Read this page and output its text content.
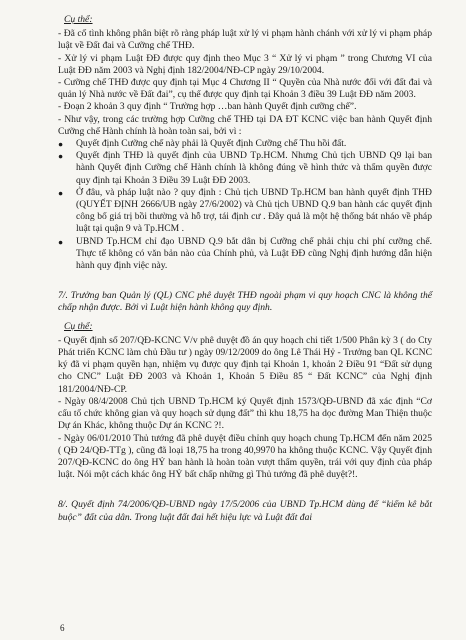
Cụ thể:

- Đã cố tình không phân biệt rõ ràng pháp luật xử lý vi phạm hành chánh với xử lý vi phạm pháp luật về Đất đai và Cưỡng chế THĐ.

- Xử lý vi phạm Luật ĐĐ được quy định theo Mục 3 “ Xử lý vi phạm ” trong Chương VI của Luật ĐĐ năm 2003 và Nghị định 182/2004/NĐ-CP ngày 29/10/2004.

- Cưỡng chế THĐ được quy định tại Mục 4 Chương II “ Quyền của Nhà nước đối với đất đai và quản lý Nhà nước về Đất đai”, cụ thể được quy định tại Khoản 3 điều 39 Luật ĐĐ năm 2003.

- Đoạn 2 khoản 3 quy định “ Trường hợp …ban hành Quyết định cưỡng chế”.

- Như vậy, trong các trường hợp Cưỡng chế THĐ tại DA ĐT KCNC việc ban hành Quyết định Cưỡng chế Hành chính là hoàn toàn sai, bởi vì :

●	Quyết định Cưỡng chế này phải là Quyết định Cưỡng chế Thu hồi đất.
●	Quyết định THĐ là quyết định của UBND Tp.HCM. Nhưng Chủ tịch UBND Q9 lại ban hành Quyết định Cưỡng chế Hành chính là không đúng về hình thức và thẩm quyền được quy định tại Khoản 3 Điều 39 Luật ĐĐ 2003.
●	Ở đâu, và pháp luật nào ? quy định : Chủ tịch UBND Tp.HCM ban hành quyết định THĐ (QUYẾT ĐỊNH 2666/UB ngày 27/6/2002) và Chủ tịch UBND Q.9 ban hành các quyết định công bố giá trị bồi thường và hỗ trợ, tái định cư . Đây quả là một hệ thống bát nháo về pháp luật tại quận 9 và Tp.HCM .
●	UBND Tp.HCM chỉ đạo UBND Q.9 bắt dân bị Cưỡng chế phải chịu chi phí cưỡng chế. Thực tế không có văn bản nào của Chính phủ, và Luật ĐĐ cũng Nghị định hướng dẫn hiện hành quy định việc này.

7/. Trưởng ban Quản lý (QL) CNC phê duyệt THĐ ngoài phạm vi quy hoạch CNC là không thể chấp nhận được. Bởi vì Luật hiện hành không quy định.

Cụ thể:

- Quyết định số 207/QĐ-KCNC V/v phê duyệt đồ án quy hoạch chi tiết 1/500 Phân kỳ 3 ( do Cty Phát triển KCNC làm chủ Đầu tư ) ngày 09/12/2009 do ông Lê Thái Hỷ - Trưởng ban QL KCNC ký đã vi phạm quyền hạn, nhiệm vụ được quy định tại Khoản 1, khoản 2 Điều 91 “Đất sử dụng cho CNC” Luật ĐĐ 2003 và Khoản 1, Khoản 5 Điều 85 “ Đất KCNC” của Nghị định 181/2004/NĐ-CP.

- Ngày 08/4/2008 Chủ tịch UBND Tp.HCM ký Quyết định 1573/QĐ-UBND đã xác định “Cơ cấu tổ chức không gian và quy hoạch sử dụng đất” thì khu 18,75 ha dọc đường Man Thiện thuộc Dự án Khác, không thuộc Dự án KCNC ?!.

- Ngày 06/01/2010 Thủ tướng đã phê duyệt điều chỉnh quy hoạch chung Tp.HCM đến năm 2025 ( QĐ 24/QĐ-TTg ), cũng đã loại 18,75 ha trong 40,9970 ha không thuộc KCNC. Vậy Quyết định 207/QĐ-KCNC do ông HỶ ban hành là hoàn toàn vượt thẩm quyền, trái với quy định của pháp luật. Nói một cách khác ông HỶ bất chấp những gì Thủ tướng đã phê duyệt?!.

8/. Quyết định 74/2006/QĐ-UBND ngày 17/5/2006 của UBND Tp.HCM dùng để “kiểm kê bắt buộc” đất của dân. Trong luật đất đai hết hiệu lực và Luật đất đai

6
